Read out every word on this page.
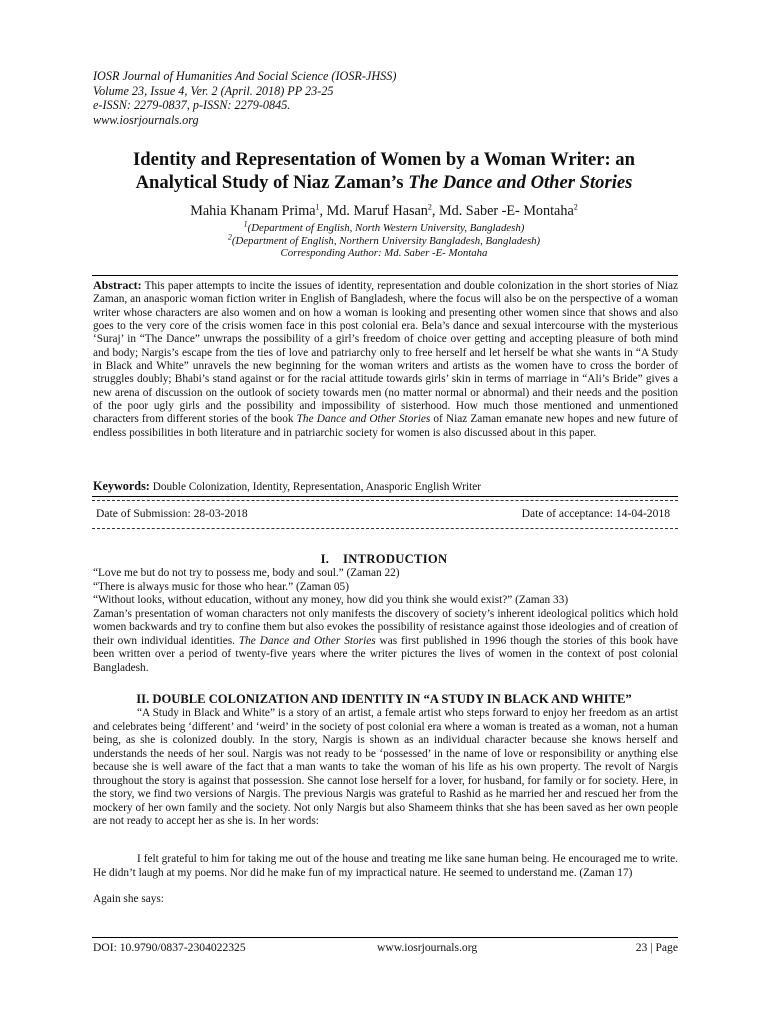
IOSR Journal of Humanities And Social Science (IOSR-JHSS)
Volume 23, Issue 4, Ver. 2 (April. 2018) PP 23-25
e-ISSN: 2279-0837, p-ISSN: 2279-0845.
www.iosrjournals.org
Identity and Representation of Women by a Woman Writer: an
Analytical Study of Niaz Zaman’s The Dance and Other Stories
Mahia Khanam Prima$^1$, Md. Maruf Hasan$^2$, Md. Saber -E- Montaha$^2$
$^1$(Department of English, North Western University, Bangladesh)
$^2$(Department of English, Northern University Bangladesh, Bangladesh)
Corresponding Author: Md. Saber -E- Montaha
Abstract: This paper attempts to incite the issues of identity, representation and double colonization in the short stories of Niaz Zaman, an anasporic woman fiction writer in English of Bangladesh, where the focus will also be on the perspective of a woman writer whose characters are also women and on how a woman is looking and presenting other women since that shows and also goes to the very core of the crisis women face in this post colonial era. Bela’s dance and sexual intercourse with the mysterious ‘Suraj’ in “The Dance” unwraps the possibility of a girl’s freedom of choice over getting and accepting pleasure of both mind and body; Nargis’s escape from the ties of love and patriarchy only to free herself and let herself be what she wants in “A Study in Black and White” unravels the new beginning for the woman writers and artists as the women have to cross the border of struggles doubly; Bhabi’s stand against or for the racial attitude towards girls’ skin in terms of marriage in “Ali’s Bride” gives a new arena of discussion on the outlook of society towards men (no matter normal or abnormal) and their needs and the position of the poor ugly girls and the possibility and impossibility of sisterhood. How much those mentioned and unmentioned characters from different stories of the book The Dance and Other Stories of Niaz Zaman emanate new hopes and new future of endless possibilities in both literature and in patriarchic society for women is also discussed about in this paper.
Keywords: Double Colonization, Identity, Representation, Anasporic English Writer
Date of Submission: 28-03-2018	Date of acceptance: 14-04-2018
I.    INTRODUCTION

“Love me but do not try to possess me, body and soul.” (Zaman 22)

“There is always music for those who hear.” (Zaman 05)

“Without looks, without education, without any money, how did you think she would exist?” (Zaman 33)

Zaman’s presentation of woman characters not only manifests the discovery of society’s inherent ideological politics which hold women backwards and try to confine them but also evokes the possibility of resistance against those ideologies and of creation of their own individual identities. The Dance and Other Stories was first published in 1996 though the stories of this book have been written over a period of twenty-five years where the writer pictures the lives of women in the context of post colonial Bangladesh.

II. DOUBLE COLONIZATION AND IDENTITY IN “A STUDY IN BLACK AND WHITE”

“A Study in Black and White” is a story of an artist, a female artist who steps forward to enjoy her freedom as an artist and celebrates being ‘different’ and ‘weird’ in the society of post colonial era where a woman is treated as a woman, not a human being, as she is colonized doubly. In the story, Nargis is shown as an individual character because she knows herself and understands the needs of her soul. Nargis was not ready to be ‘possessed’ in the name of love or responsibility or anything else because she is well aware of the fact that a man wants to take the woman of his life as his own property. The revolt of Nargis throughout the story is against that possession. She cannot lose herself for a lover, for husband, for family or for society. Here, in the story, we find two versions of Nargis. The previous Nargis was grateful to Rashid as he married her and rescued her from the mockery of her own family and the society. Not only Nargis but also Shameem thinks that she has been saved as her own people are not ready to accept her as she is. In her words:

I felt grateful to him for taking me out of the house and treating me like sane human being. He encouraged me to write. He didn’t laugh at my poems. Nor did he make fun of my impractical nature. He seemed to understand me. (Zaman 17)

Again she says:
DOI: 10.9790/0837-2304022325	www.iosrjournals.org	23 | Page
